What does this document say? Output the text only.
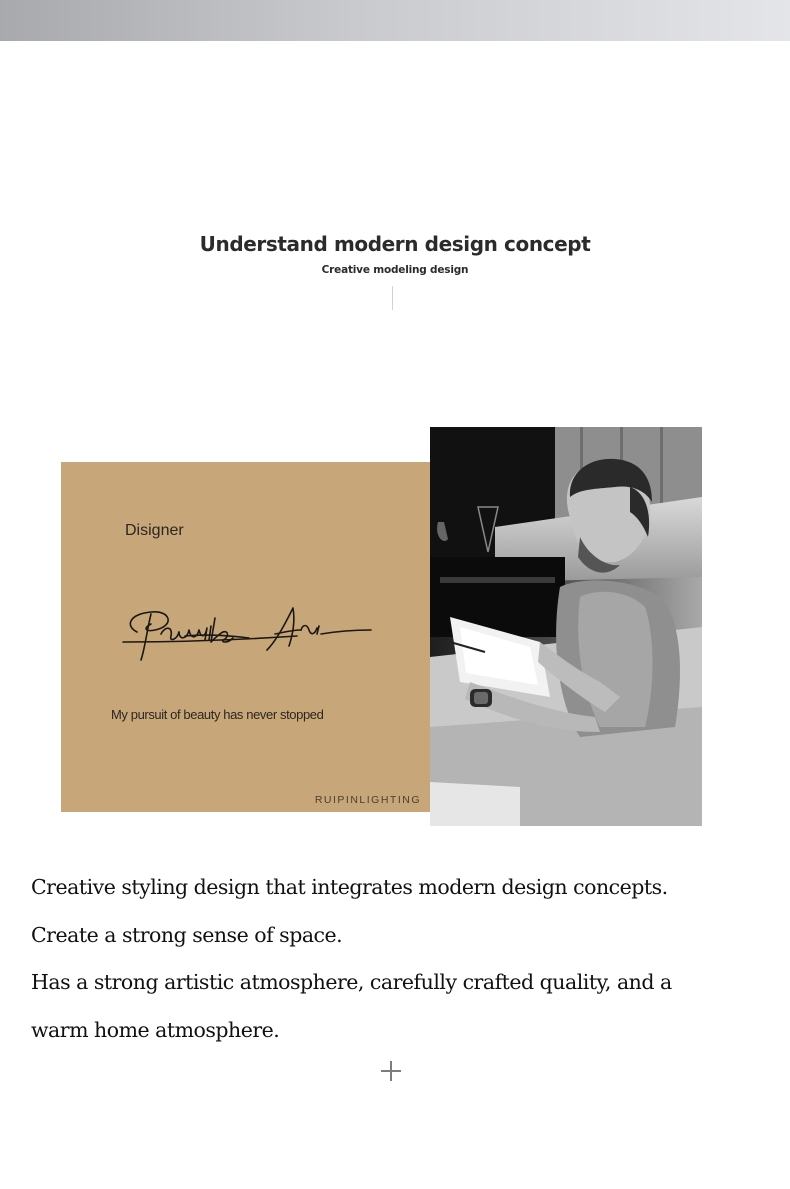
Understand modern design concept
Creative modeling design
Disigner
My pursuit of beauty has never stopped
RUIPINLIGHTING

Creative styling design that integrates modern design concepts.

Create a strong sense of space.

Has a strong artistic atmosphere, carefully crafted quality, and a

warm home atmosphere.
